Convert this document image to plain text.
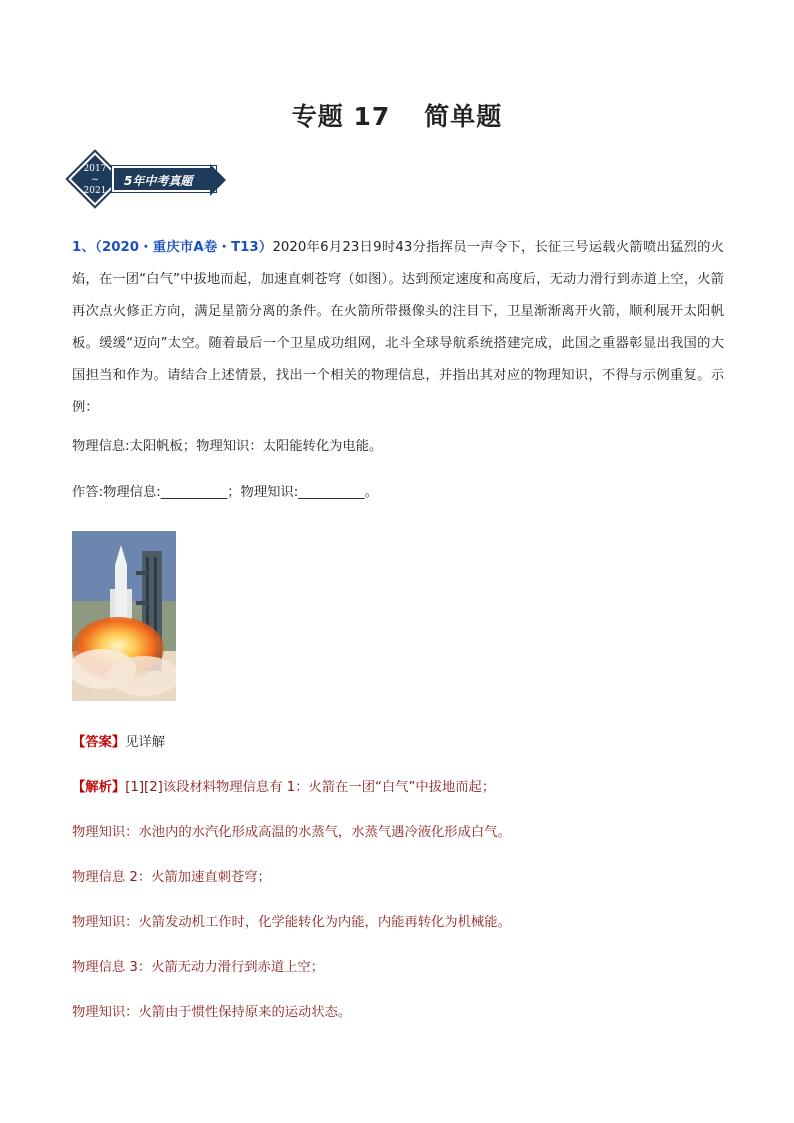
专题 17 简单题
2017
~
2021
5年中考真题
1、（2020・重庆市A卷・T13）2020年6月23日9时43分指挥员一声令下，长征三号运载火箭喷出猛烈的火焰，在一团“白气”中拔地而起，加速直刺苍穹（如图）。达到预定速度和高度后，无动力滑行到赤道上空，火箭再次点火修正方向，满足星箭分离的条件。在火箭所带摄像头的注目下，卫星渐渐离开火箭，顺利展开太阳帆板。缓缓“迈向”太空。随着最后一个卫星成功组网，北斗全球导航系统搭建完成，此国之重器彰显出我国的大国担当和作为。请结合上述情景，找出一个相关的物理信息，并指出其对应的物理知识，不得与示例重复。示例：
物理信息:太阳帆板；物理知识：太阳能转化为电能。
作答:物理信息:__________；物理知识:__________。
【答案】见详解
【解析】[1][2]该段材料物理信息有 1：火箭在一团“白气”中拔地而起；
物理知识：水池内的水汽化形成高温的水蒸气，水蒸气遇冷液化形成白气。
物理信息 2：火箭加速直刺苍穹；
物理知识：火箭发动机工作时，化学能转化为内能，内能再转化为机械能。
物理信息 3：火箭无动力滑行到赤道上空；
物理知识：火箭由于惯性保持原来的运动状态。
